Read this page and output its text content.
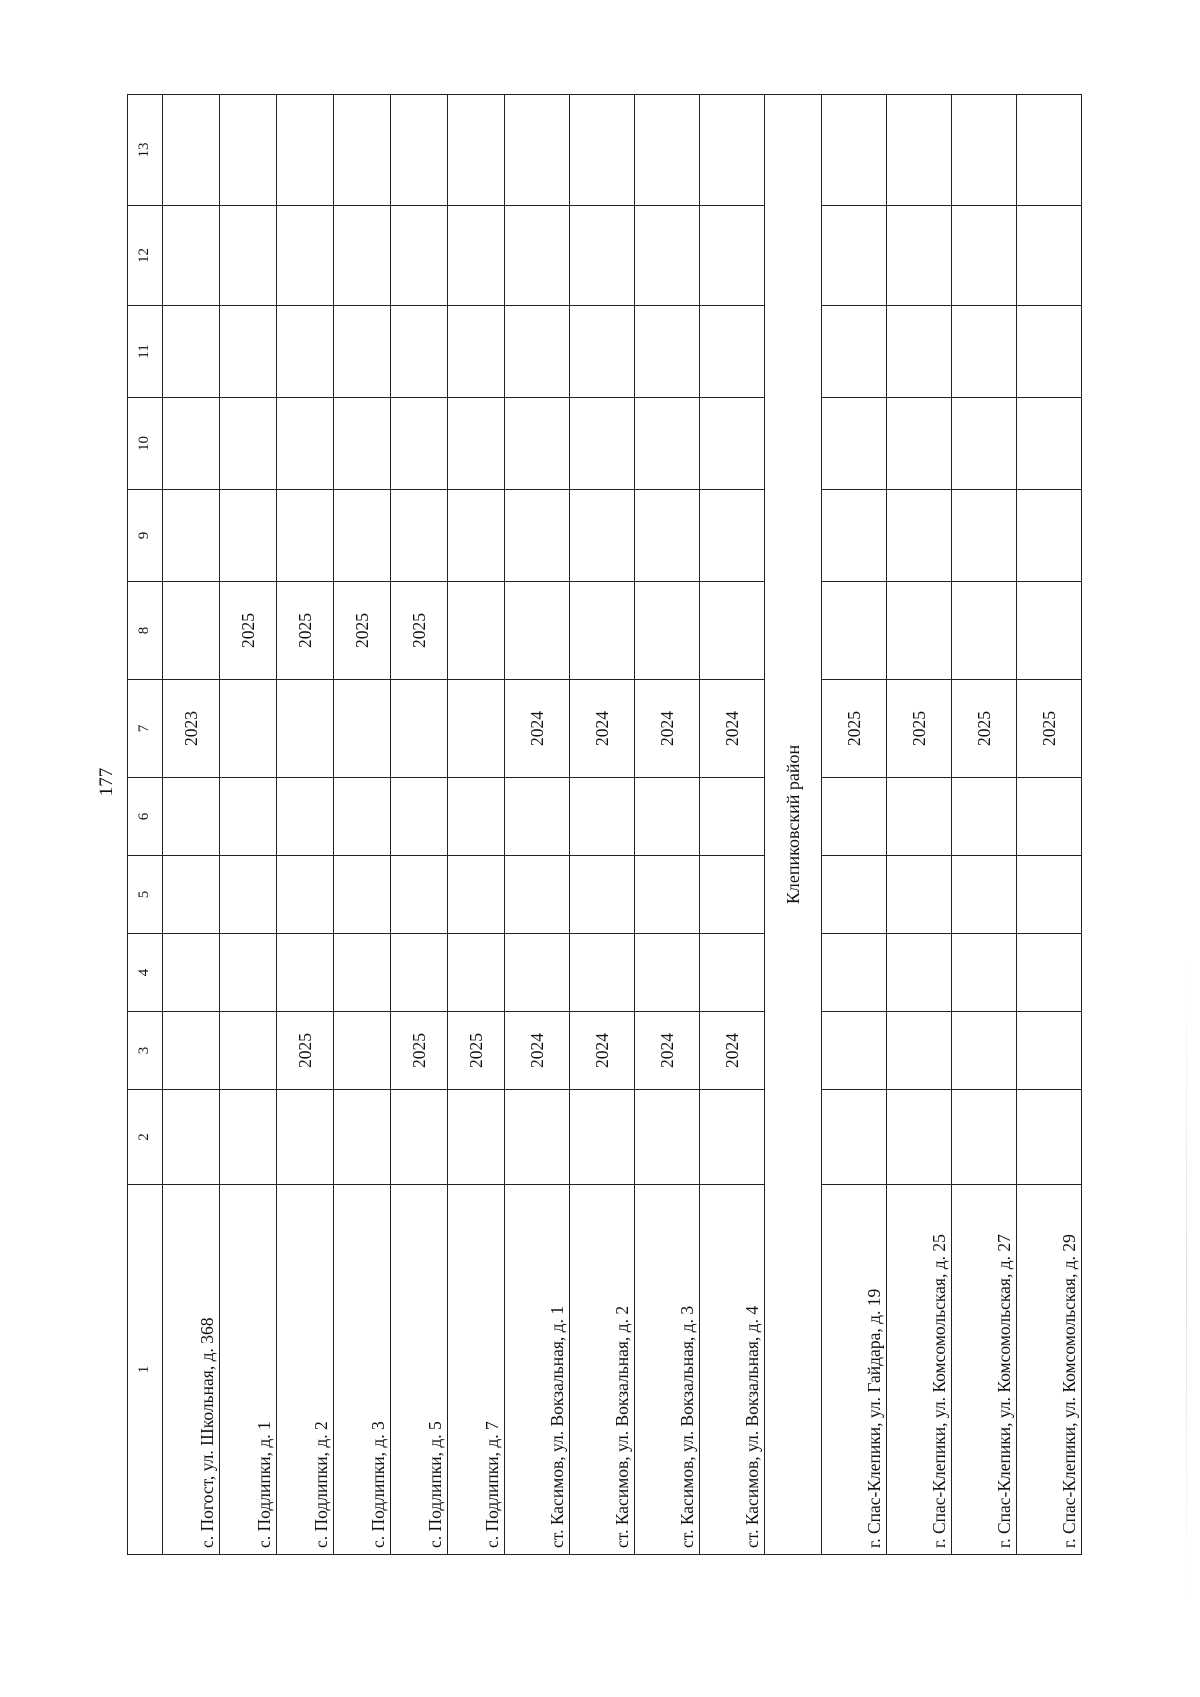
177
1	2	3	4	5	6	7	8	9	10	11	12	13
с. Погост, ул. Школьная, д. 368						2023						
с. Подлипки, д. 1							2025					
с. Подлипки, д. 2		2025					2025					
с. Подлипки, д. 3							2025					
с. Подлипки, д. 5		2025					2025					
с. Подлипки, д. 7		2025										
ст. Касимов, ул. Вокзальная, д. 1		2024				2024						
ст. Касимов, ул. Вокзальная, д. 2		2024				2024						
ст. Касимов, ул. Вокзальная, д. 3		2024				2024						
ст. Касимов, ул. Вокзальная, д. 4		2024				2024						
Клепиковский район												
г. Спас-Клепики, ул. Гайдара, д. 19						2025						
г. Спас-Клепики, ул. Комсомольская, д. 25						2025						
г. Спас-Клепики, ул. Комсомольская, д. 27						2025						
г. Спас-Клепики, ул. Комсомольская, д. 29						2025						
